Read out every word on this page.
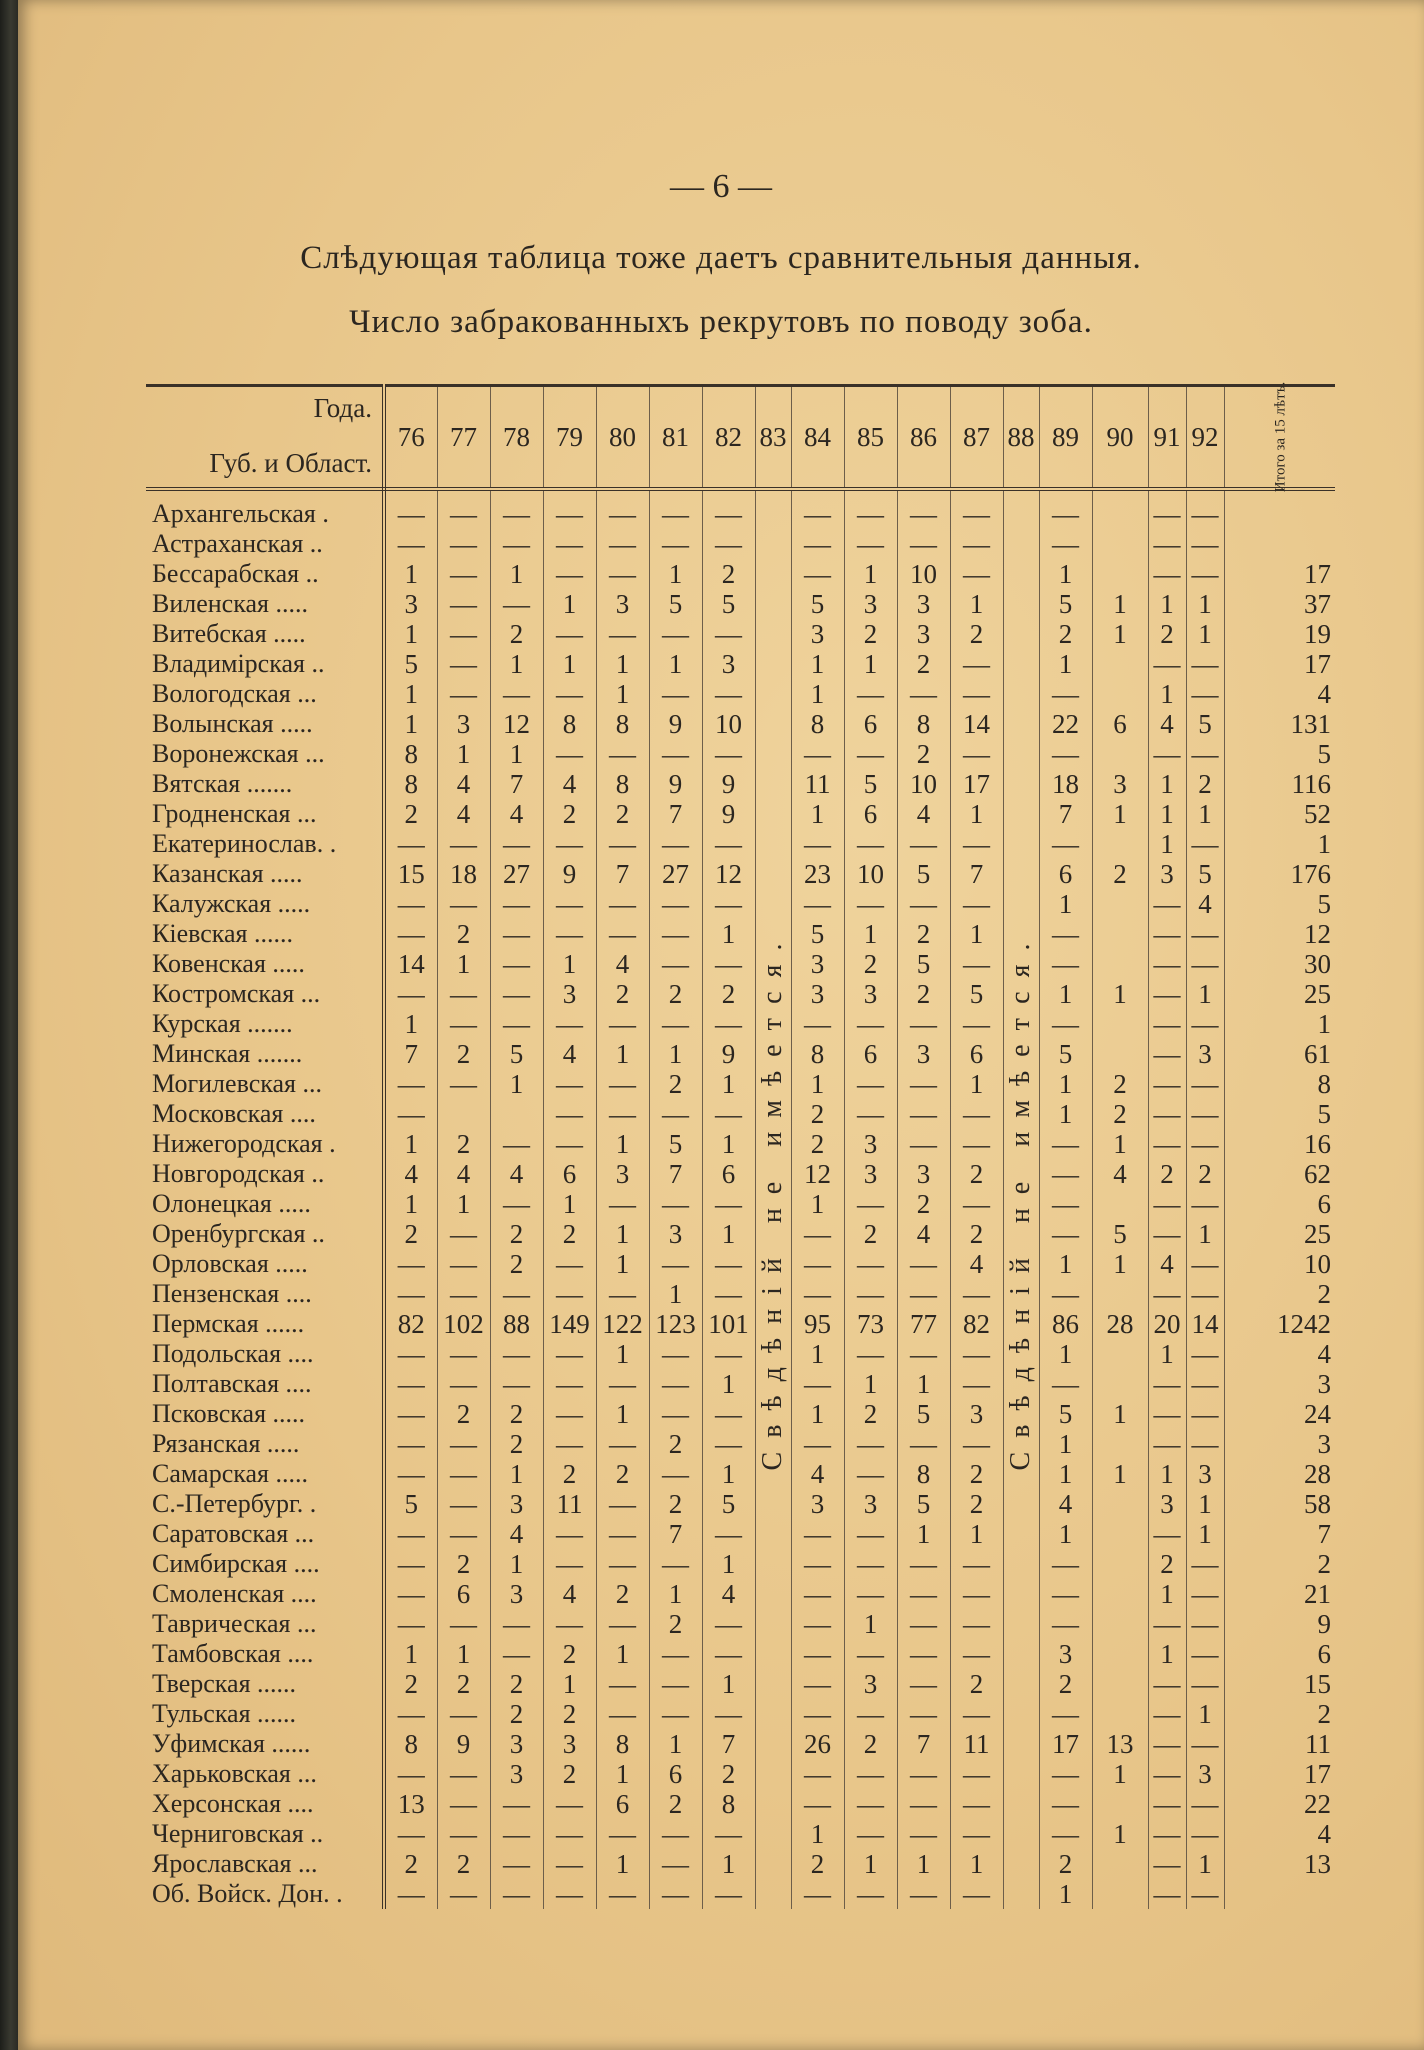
— 6 —
Слѣдующая таблица тоже даетъ сравнительныя данныя.
Число забракованныхъ рекрутовъ по поводу зоба.
Года.
Губ. и Област.	76	77	78	79	80	81	82	83	84	85	86	87	88	89	90	91	92	Итого за 15 лѣтъ.
Архангельская .	—	—	—	—	—	—	—	Свѣдѣній не имѣется.	—	—	—	—	Свѣдѣній не имѣется.	—		—	—	
Астраханская ..	—	—	—	—	—	—	—		—	—	—	—		—		—	—	
Бессарабская ..	1	—	1	—	—	1	2		—	1	10	—		1		—	—	17
Виленская .....	3	—	—	1	3	5	5		5	3	3	1		5	1	1	1	37
Витебская .....	1	—	2	—	—	—	—		3	2	3	2		2	1	2	1	19
Владимірская ..	5	—	1	1	1	1	3		1	1	2	—		1		—	—	17
Вологодская ...	1	—	—	—	1	—	—		1	—	—	—		—		1	—	4
Волынская .....	1	3	12	8	8	9	10		8	6	8	14		22	6	4	5	131
Воронежская ...	8	1	1	—	—	—	—		—	—	2	—		—		—	—	5
Вятская .......	8	4	7	4	8	9	9		11	5	10	17		18	3	1	2	116
Гродненская ...	2	4	4	2	2	7	9		1	6	4	1		7	1	1	1	52
Екатеринослав. .	—	—	—	—	—	—	—		—	—	—	—		—		1	—	1
Казанская .....	15	18	27	9	7	27	12		23	10	5	7		6	2	3	5	176
Калужская .....	—	—	—	—	—	—	—		—	—	—	—		1		—	4	5
Кіевская ......	—	2	—	—	—	—	1		5	1	2	1		—		—	—	12
Ковенская .....	14	1	—	1	4	—	—		3	2	5	—		—		—	—	30
Костромская ...	—	—	—	3	2	2	2		3	3	2	5		1	1	—	1	25
Курская .......	1	—	—	—	—	—	—		—	—	—	—		—		—	—	1
Минская .......	7	2	5	4	1	1	9		8	6	3	6		5		—	3	61
Могилевская ...	—	—	1	—	—	2	1		1	—	—	1		1	2	—	—	8
Московская ....	—			—	—	—	—		2	—	—	—		1	2	—	—	5
Нижегородская .	1	2	—	—	1	5	1		2	3	—	—		—	1	—	—	16
Новгородская ..	4	4	4	6	3	7	6		12	3	3	2		—	4	2	2	62
Олонецкая .....	1	1	—	1	—	—	—		1	—	2	—		—		—	—	6
Оренбургская ..	2	—	2	2	1	3	1		—	2	4	2		—	5	—	1	25
Орловская .....	—	—	2	—	1	—	—		—	—	—	4		1	1	4	—	10
Пензенская ....	—	—	—	—	—	1	—		—	—	—	—		—		—	—	2
Пермская ......	82	102	88	149	122	123	101		95	73	77	82		86	28	20	14	1242
Подольская ....	—	—	—	—	1	—	—		1	—	—	—		1		1	—	4
Полтавская ....	—	—	—	—	—	—	1		—	1	1	—		—		—	—	3
Псковская .....	—	2	2	—	1	—	—		1	2	5	3		5	1	—	—	24
Рязанская .....	—	—	2	—	—	2	—		—	—	—	—		1		—	—	3
Самарская .....	—	—	1	2	2	—	1		4	—	8	2		1	1	1	3	28
С.-Петербург. .	5	—	3	11	—	2	5		3	3	5	2		4		3	1	58
Саратовская ...	—	—	4	—	—	7	—		—	—	1	1		1		—	1	7
Симбирская ....	—	2	1	—	—	—	1		—	—	—	—		—		2	—	2
Смоленская ....	—	6	3	4	2	1	4		—	—	—	—		—		1	—	21
Таврическая ...	—	—	—	—	—	2	—		—	1	—	—		—		—	—	9
Тамбовская ....	1	1	—	2	1	—	—		—	—	—	—		3		1	—	6
Тверская ......	2	2	2	1	—	—	1		—	3	—	2		2		—	—	15
Тульская ......	—	—	2	2	—	—	—		—	—	—	—		—		—	1	2
Уфимская ......	8	9	3	3	8	1	7		26	2	7	11		17	13	—	—	11
Харьковская ...	—	—	3	2	1	6	2		—	—	—	—		—	1	—	3	17
Херсонская ....	13	—	—	—	6	2	8		—	—	—	—		—		—	—	22
Черниговская ..	—	—	—	—	—	—	—		1	—	—	—		—	1	—	—	4
Ярославская ...	2	2	—	—	1	—	1		2	1	1	1		2		—	1	13
Об. Войск. Дон. .	—	—	—	—	—	—	—		—	—	—	—		1		—	—	
